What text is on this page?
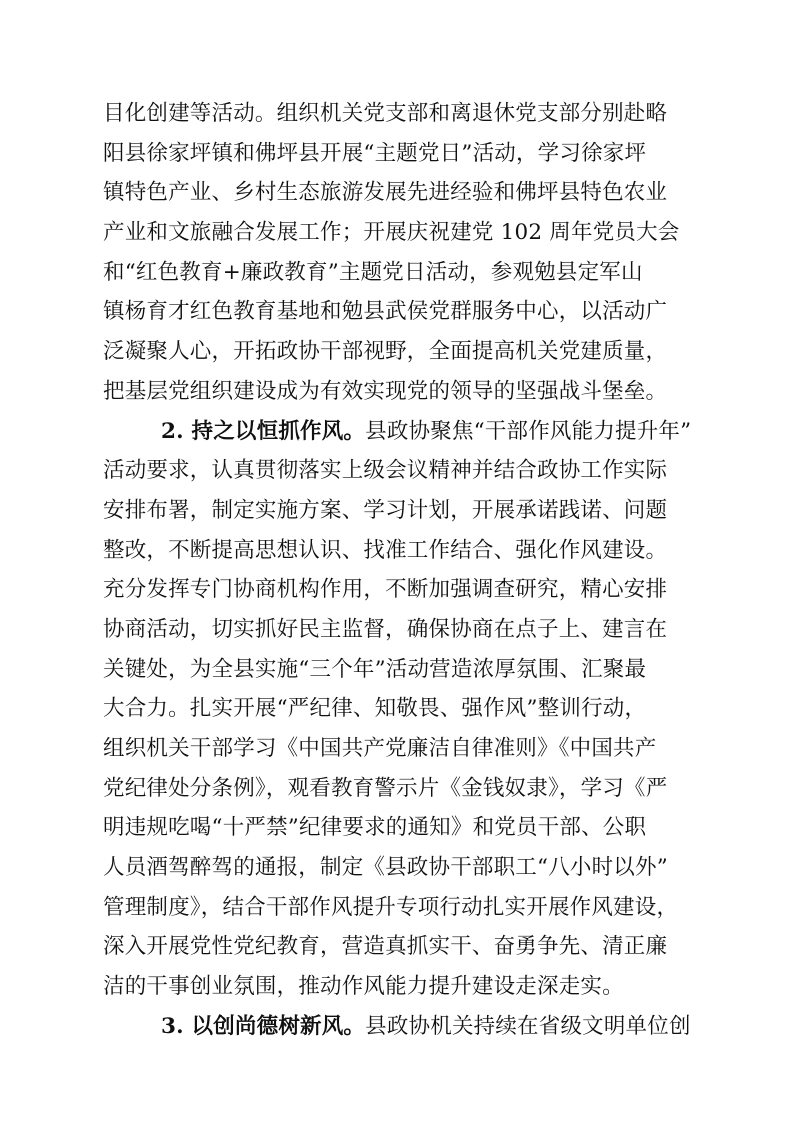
目化创建等活动。组织机关党支部和离退休党支部分别赴略
阳县徐家坪镇和佛坪县开展“主题党日”活动，学习徐家坪
镇特色产业、乡村生态旅游发展先进经验和佛坪县特色农业
产业和文旅融合发展工作；开展庆祝建党 102 周年党员大会
和“红色教育+廉政教育”主题党日活动，参观勉县定军山
镇杨育才红色教育基地和勉县武侯党群服务中心，以活动广
泛凝聚人心，开拓政协干部视野，全面提高机关党建质量，
把基层党组织建设成为有效实现党的领导的坚强战斗堡垒。
2. 持之以恒抓作风。县政协聚焦“干部作风能力提升年”
活动要求，认真贯彻落实上级会议精神并结合政协工作实际
安排布署，制定实施方案、学习计划，开展承诺践诺、问题
整改，不断提高思想认识、找准工作结合、强化作风建设。
充分发挥专门协商机构作用，不断加强调查研究，精心安排
协商活动，切实抓好民主监督，确保协商在点子上、建言在
关键处，为全县实施“三个年”活动营造浓厚氛围、汇聚最
大合力。扎实开展“严纪律、知敬畏、强作风”整训行动，
组织机关干部学习《中国共产党廉洁自律准则》《中国共产
党纪律处分条例》，观看教育警示片《金钱奴隶》，学习《严
明违规吃喝“十严禁”纪律要求的通知》和党员干部、公职
人员酒驾醉驾的通报，制定《县政协干部职工“八小时以外”
管理制度》，结合干部作风提升专项行动扎实开展作风建设，
深入开展党性党纪教育，营造真抓实干、奋勇争先、清正廉
洁的干事创业氛围，推动作风能力提升建设走深走实。
3. 以创尚德树新风。县政协机关持续在省级文明单位创
